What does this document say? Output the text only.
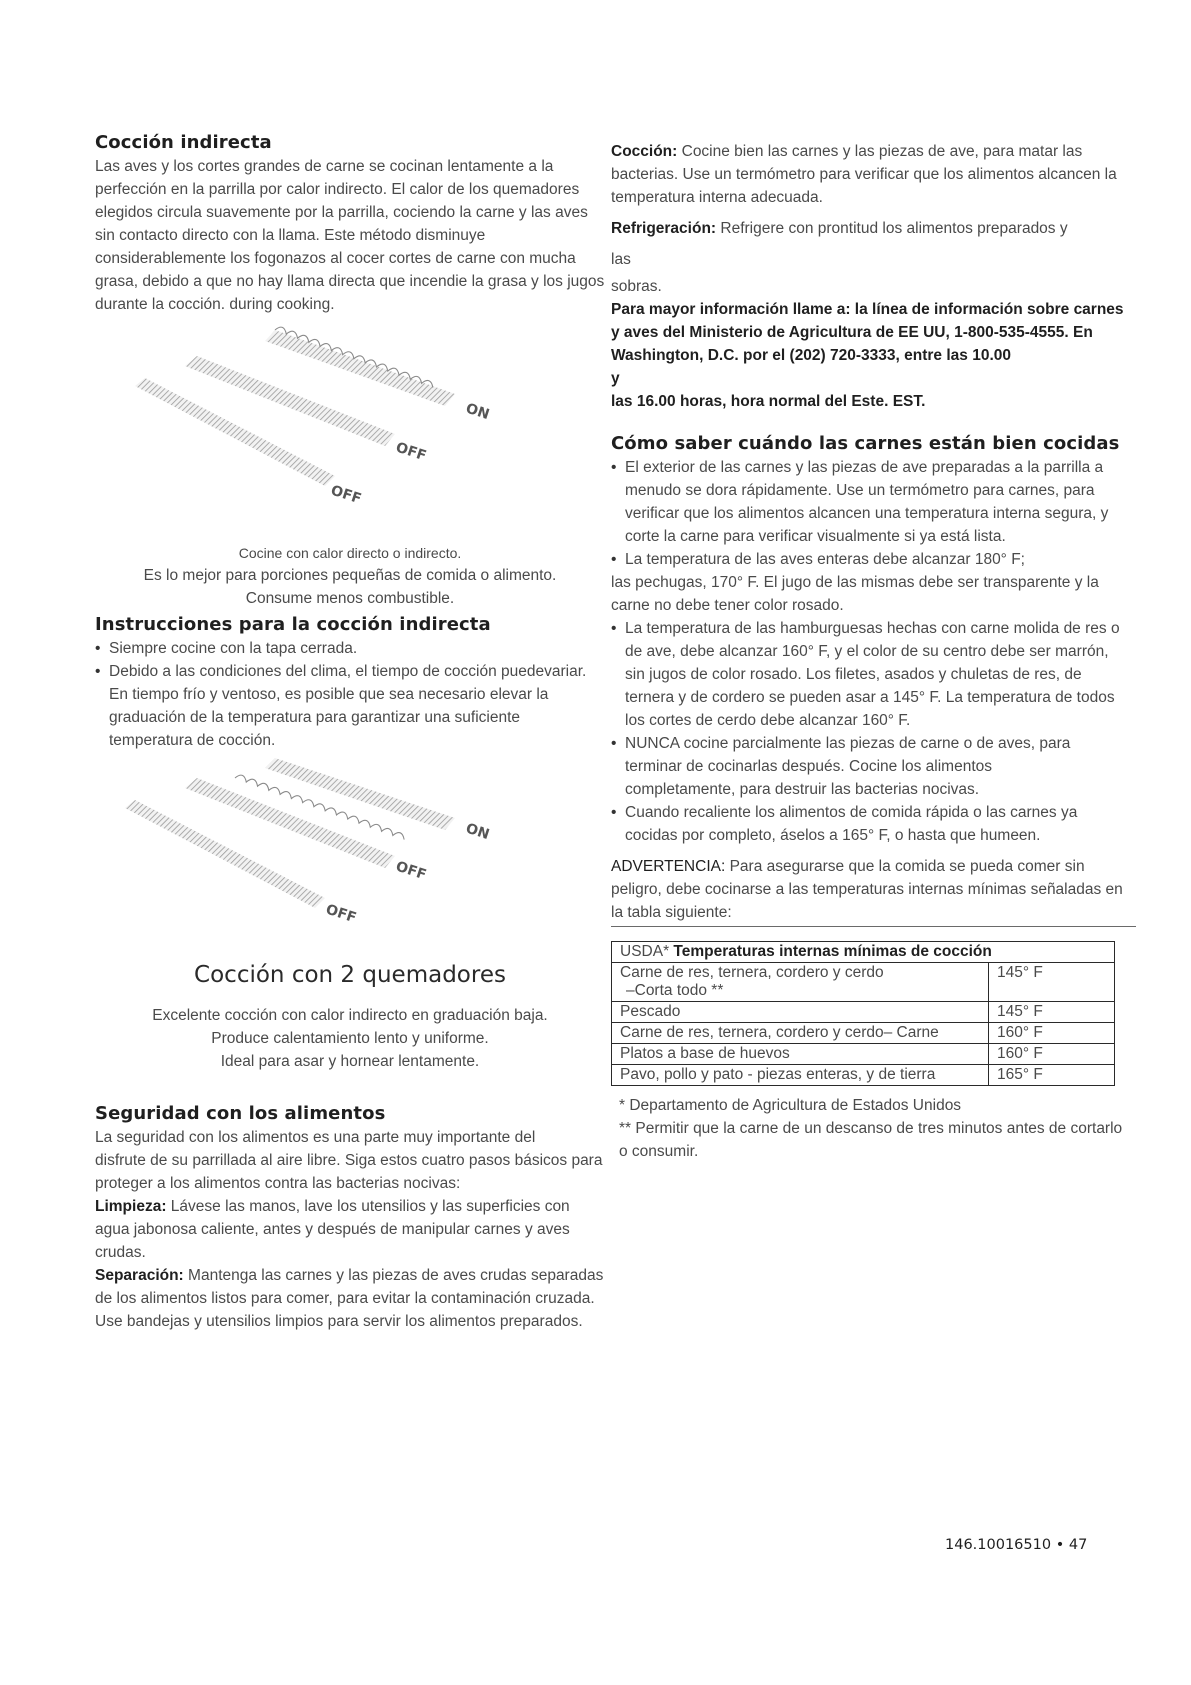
Cocción indirecta

Las aves y los cortes grandes de carne se cocinan lentamente a la perfección en la parrilla por calor indirecto. El calor de los quemadores elegidos circula suavemente por la parrilla, cociendo la carne y las aves sin contacto directo con la llama. Este método disminuye considerablemente los fogonazos al cocer cortes de carne con mucha grasa, debido a que no hay llama directa que incendie la grasa y los jugos durante la cocción. during cooking.

ON
OFF
OFF

Cocine con calor directo o indirecto.

Es lo mejor para porciones pequeñas de comida o alimento.

Consume menos combustible.

Instrucciones para la cocción indirecta
• Siempre cocine con la tapa cerrada.
• Debido a las condiciones del clima, el tiempo de cocción puedevariar. En tiempo frío y ventoso, es posible que sea necesario elevar la graduación de la temperatura para garantizar una suficiente temperatura de cocción.
ON
OFF
OFF
Cocción con 2 quemadores

Excelente cocción con calor indirecto en graduación baja.

Produce calentamiento lento y uniforme.

Ideal para asar y hornear lentamente.

Seguridad con los alimentos

La seguridad con los alimentos es una parte muy importante del

disfrute de su parrillada al aire libre. Siga estos cuatro pasos básicos para proteger a los alimentos contra las bacterias nocivas:

Limpieza: Lávese las manos, lave los utensilios y las superficies con agua jabonosa caliente, antes y después de manipular carnes y aves crudas.

Separación: Mantenga las carnes y las piezas de aves crudas separadas de los alimentos listos para comer, para evitar la contaminación cruzada. Use bandejas y utensilios limpios para servir los alimentos preparados.

Cocción: Cocine bien las carnes y las piezas de ave, para matar las bacterias. Use un termómetro para verificar que los alimentos alcancen la temperatura interna adecuada.

Refrigeración: Refrigere con prontitud los alimentos preparados y

las

sobras.

Para mayor información llame a: la línea de información sobre carnes y aves del Ministerio de Agricultura de EE UU, 1-800-535-4555. En Washington, D.C. por el (202) 720-3333, entre las 10.00

y

las 16.00 horas, hora normal del Este. EST.

Cómo saber cuándo las carnes están bien cocidas
• El exterior de las carnes y las piezas de ave preparadas a la parrilla a menudo se dora rápidamente. Use un termómetro para carnes, para verificar que los alimentos alcancen una temperatura interna segura, y corte la carne para verificar visualmente si ya está lista.
• La temperatura de las aves enteras debe alcanzar 180° F;

las pechugas, 170° F. El jugo de las mismas debe ser transparente y la carne no debe tener color rosado.

• La temperatura de las hamburguesas hechas con carne molida de res o de ave, debe alcanzar 160° F, y el color de su centro debe ser marrón, sin jugos de color rosado. Los filetes, asados y chuletas de res, de ternera y de cordero se pueden asar a 145° F. La temperatura de todos los cortes de cerdo debe alcanzar 160° F.
• NUNCA cocine parcialmente las piezas de carne o de aves, para terminar de cocinarlas después. Cocine los alimentos

completamente, para destruir las bacterias nocivas.

• Cuando recaliente los alimentos de comida rápida o las carnes ya cocidas por completo, áselos a 165° F, o hasta que humeen.

ADVERTENCIA: Para asegurarse que la comida se pueda comer sin peligro, debe cocinarse a las temperaturas internas mínimas señaladas en la tabla siguiente:

USDA* Temperaturas internas mínimas de cocción	
Carne de res, ternera, cordero y cerdo
–Corta todo **	145° F
Pescado	145° F
Carne de res, ternera, cordero y cerdo– Carne	160° F
Platos a base de huevos	160° F
Pavo, pollo y pato - piezas enteras, y de tierra	165° F

* Departamento de Agricultura de Estados Unidos

** Permitir que la carne de un descanso de tres minutos antes de cortarlo o consumir.

146.10016510 • 47
